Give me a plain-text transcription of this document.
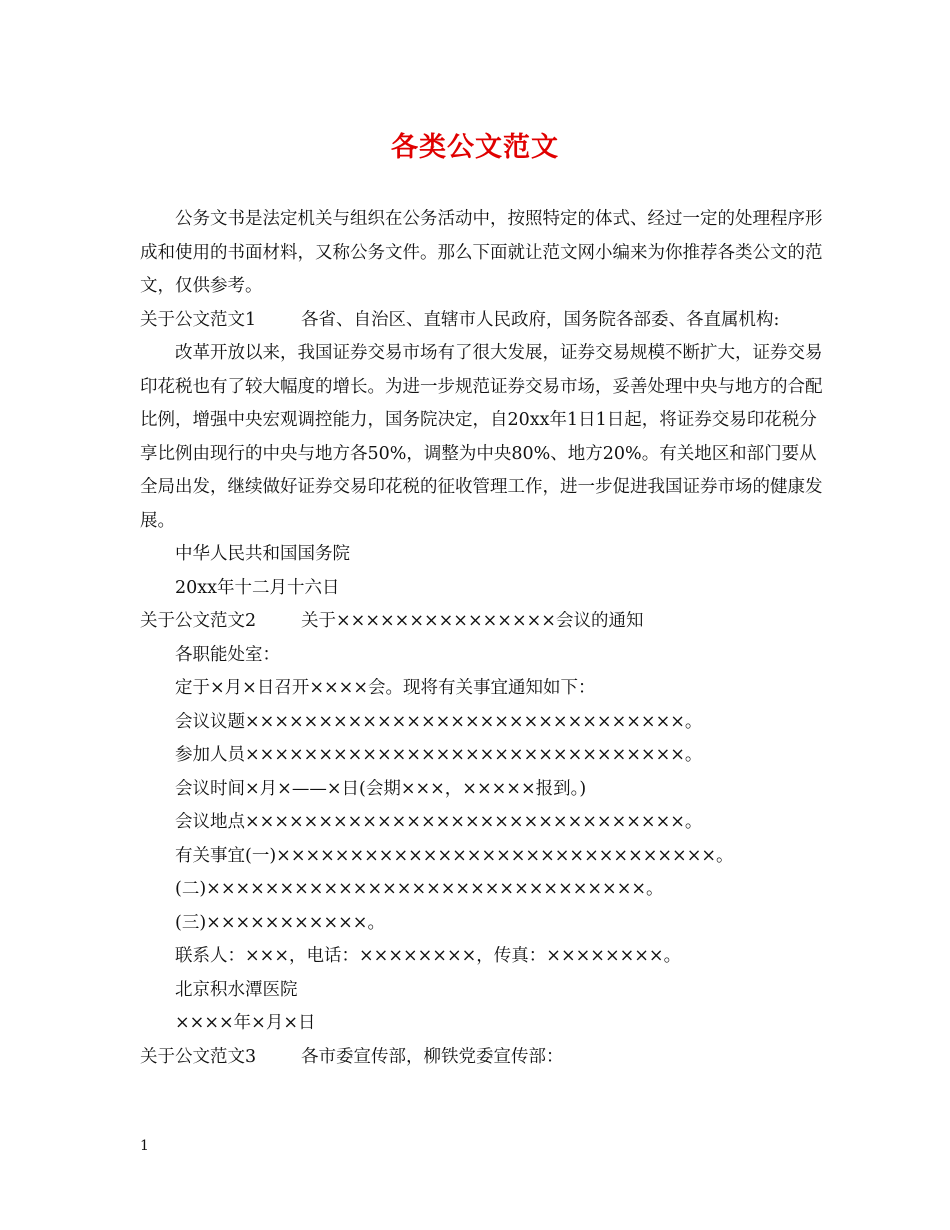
各类公文范文

公务文书是法定机关与组织在公务活动中，按照特定的体式、经过一定的处理程序形成和使用的书面材料，又称公务文件。那么下面就让范文网小编来为你推荐各类公文的范文，仅供参考。

关于公文范文1	各省、自治区、直辖市人民政府，国务院各部委、各直属机构:

改革开放以来，我国证券交易市场有了很大发展，证券交易规模不断扩大，证券交易印花税也有了较大幅度的增长。为进一步规范证券交易市场，妥善处理中央与地方的合配比例，增强中央宏观调控能力，国务院决定，自20xx年1日1日起，将证券交易印花税分享比例由现行的中央与地方各50%，调整为中央80%、地方20%。有关地区和部门要从全局出发，继续做好证券交易印花税的征收管理工作，进一步促进我国证券市场的健康发展。

中华人民共和国国务院
20xx年十二月十六日
关于公文范文2	关于×××××××××××××××会议的通知
各职能处室：
定于×月×日召开××××会。现将有关事宜通知如下：
会议议题××××××××××××××××××××××××××××××。
参加人员××××××××××××××××××××××××××××××。
会议时间×月×——×日(会期×××，×××××报到。)
会议地点××××××××××××××××××××××××××××××。
有关事宜(一)××××××××××××××××××××××××××××××。
(二)××××××××××××××××××××××××××××××。
(三)×××××××××××。
联系人：×××，电话：××××××××，传真：××××××××。
北京积水潭医院
××××年×月×日
关于公文范文3	各市委宣传部，柳铁党委宣传部：
1
